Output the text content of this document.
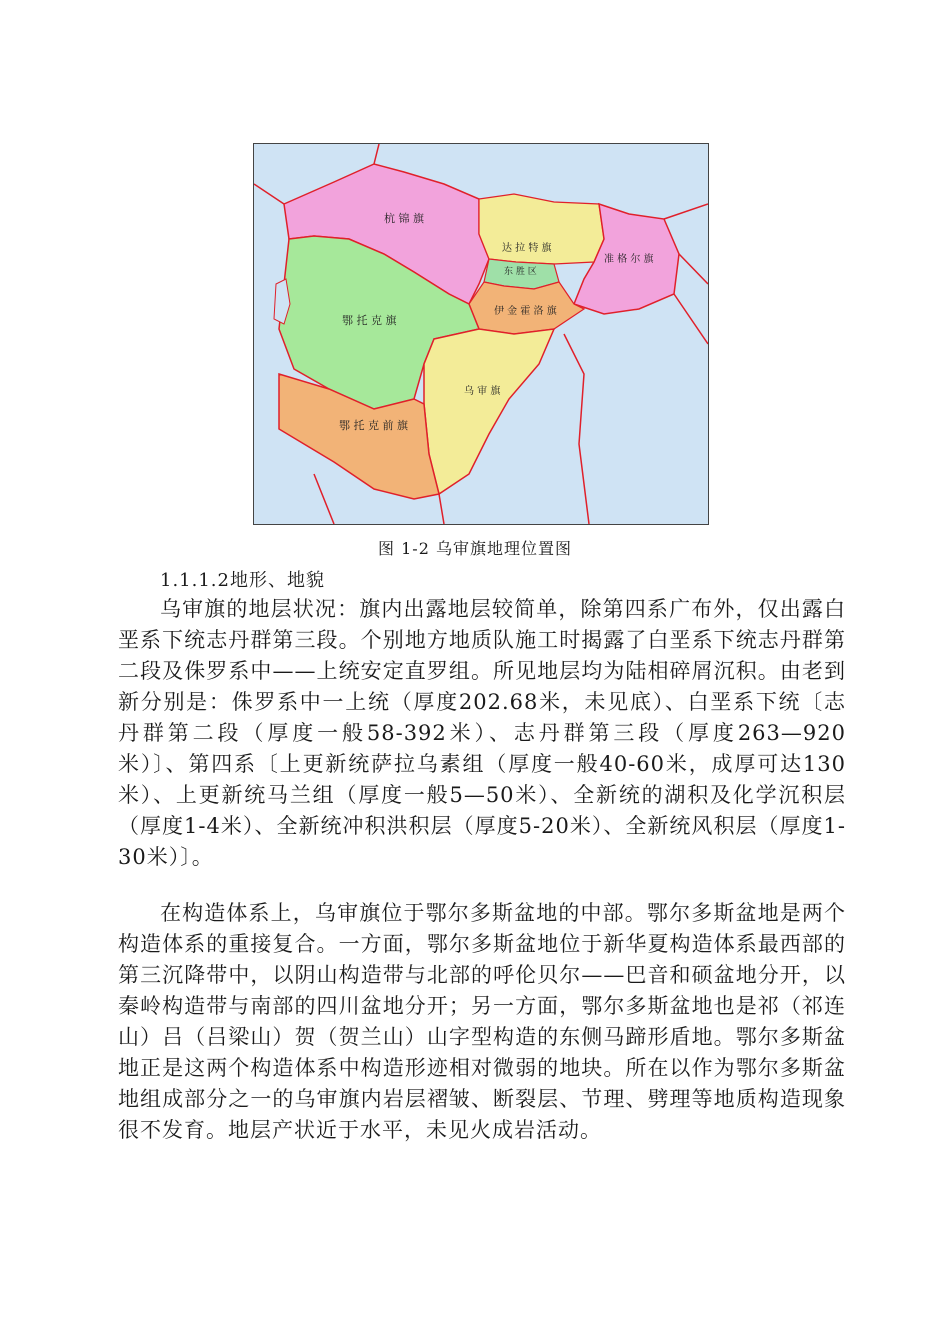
杭 锦 旗
达 拉 特 旗
东 胜 区
准 格 尔 旗
鄂 托 克 旗
伊 金 霍 洛 旗
乌 审 旗
鄂 托 克 前 旗
图 1-2 乌审旗地理位置图
1.1.1.2地形、地貌

乌审旗的地层状况：旗内出露地层较简单，除第四系广布外，仅出露白垩系下统志丹群第三段。个别地方地质队施工时揭露了白垩系下统志丹群第二段及侏罗系中——上统安定直罗组。所见地层均为陆相碎屑沉积。由老到新分别是：侏罗系中一上统（厚度202.68米，未见底）、白垩系下统〔志丹群第二段（厚度一般58-392米）、志丹群第三段（厚度263—920米）〕、第四系〔上更新统萨拉乌素组（厚度一般40-60米，成厚可达130米）、上更新统马兰组（厚度一般5—50米）、全新统的湖积及化学沉积层（厚度1-4米）、全新统冲积洪积层（厚度5-20米）、全新统风积层（厚度1-30米）〕。

在构造体系上，乌审旗位于鄂尔多斯盆地的中部。鄂尔多斯盆地是两个构造体系的重接复合。一方面，鄂尔多斯盆地位于新华夏构造体系最西部的第三沉降带中，以阴山构造带与北部的呼伦贝尔——巴音和硕盆地分开，以秦岭构造带与南部的四川盆地分开；另一方面，鄂尔多斯盆地也是祁（祁连山）吕（吕梁山）贺（贺兰山）山字型构造的东侧马蹄形盾地。鄂尔多斯盆地正是这两个构造体系中构造形迹相对微弱的地块。所在以作为鄂尔多斯盆地组成部分之一的乌审旗内岩层褶皱、断裂层、节理、劈理等地质构造现象很不发育。地层产状近于水平，未见火成岩活动。
